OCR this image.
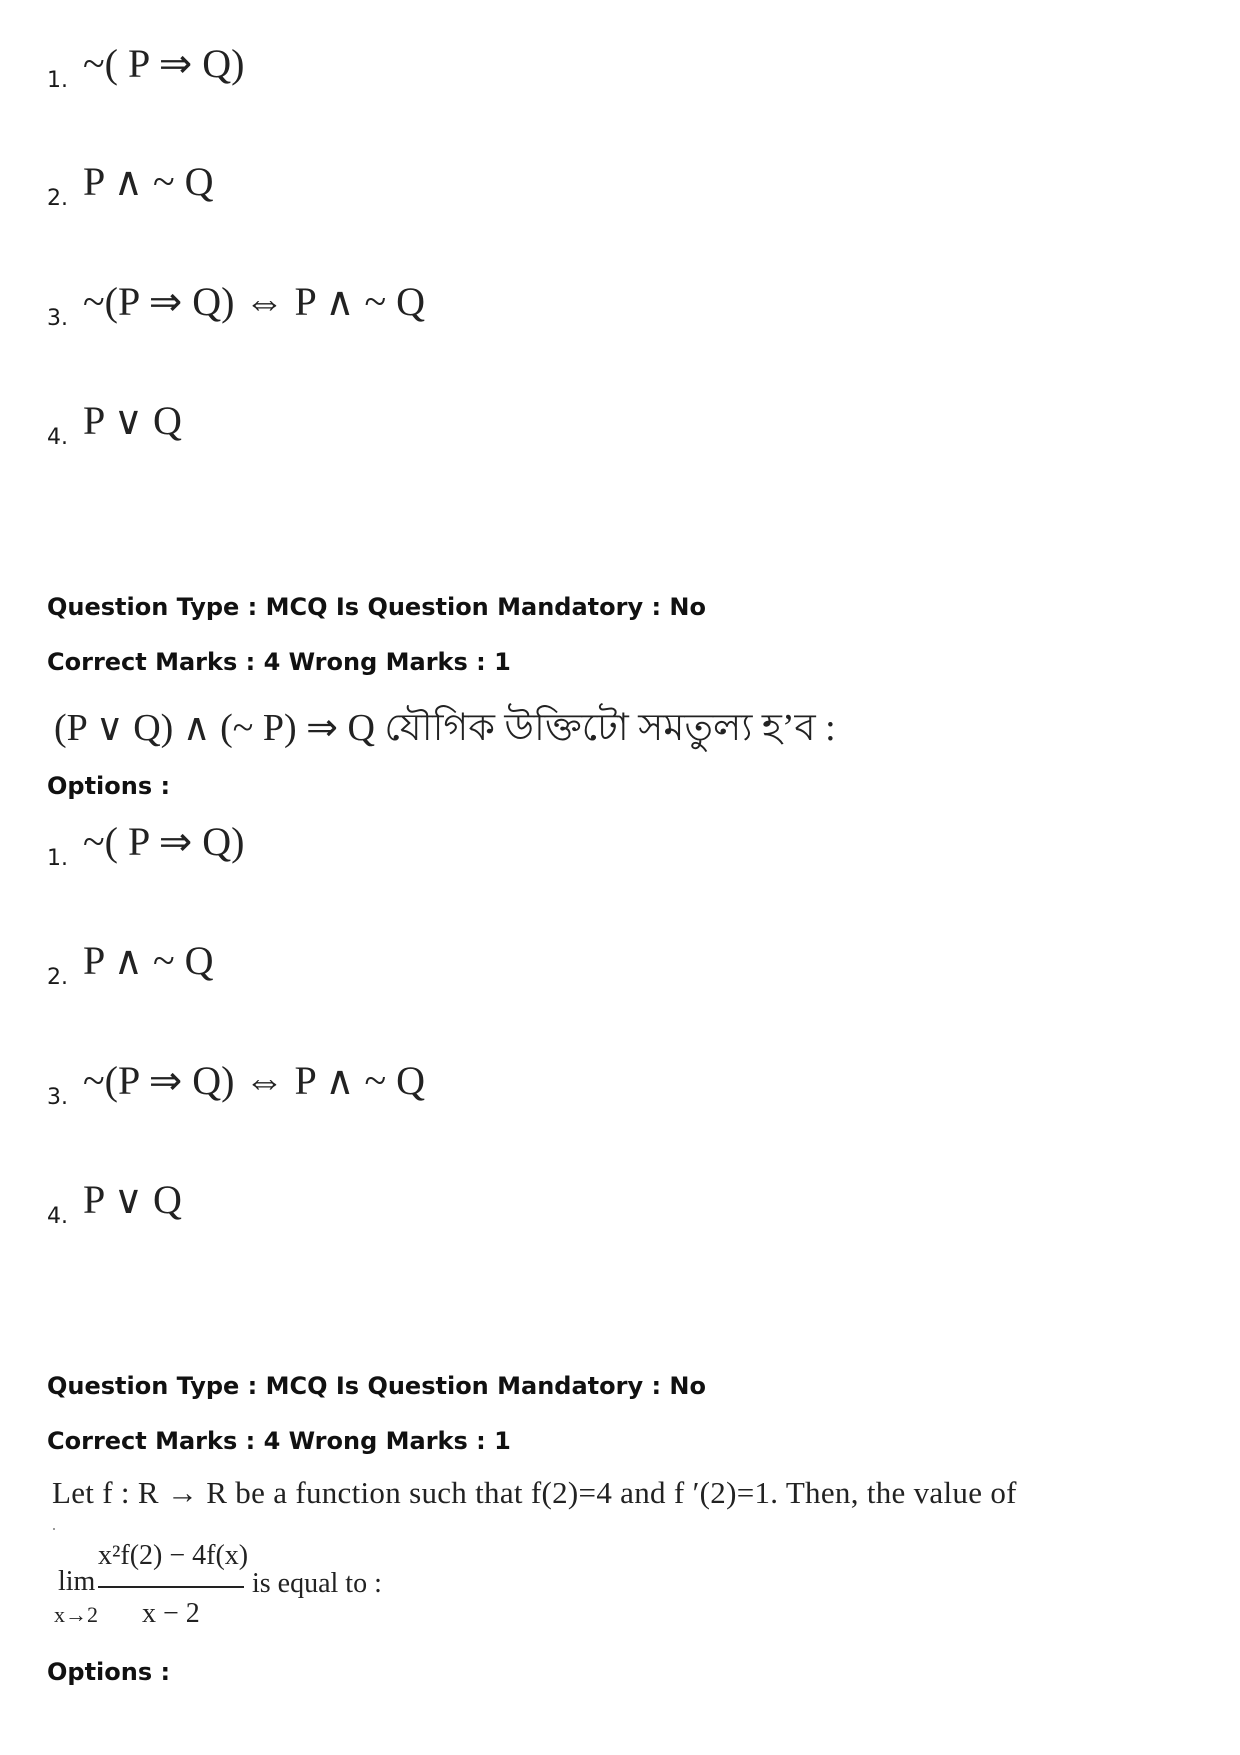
1. ~( P ⇒ Q)
2. P ∧ ~ Q
3. ~(P ⇒ Q) ⇔ P ∧ ~ Q
4. P ∨ Q
Question Type : MCQ Is Question Mandatory : No
Correct Marks : 4 Wrong Marks : 1
(P ∨ Q) ∧ (~ P) ⇒ Q যৌগিক উক্তিটো সমতুল্য হ’ব :
Options :
1. ~( P ⇒ Q)
2. P ∧ ~ Q
3. ~(P ⇒ Q) ⇔ P ∧ ~ Q
4. P ∨ Q
Question Type : MCQ Is Question Mandatory : No
Correct Marks : 4 Wrong Marks : 1
Let f : R → R be a function such that f(2)=4 and f ′(2)=1. Then, the value of
lim
x→2
x²f(2) − 4f(x)
x − 2
is equal to :
Options :
